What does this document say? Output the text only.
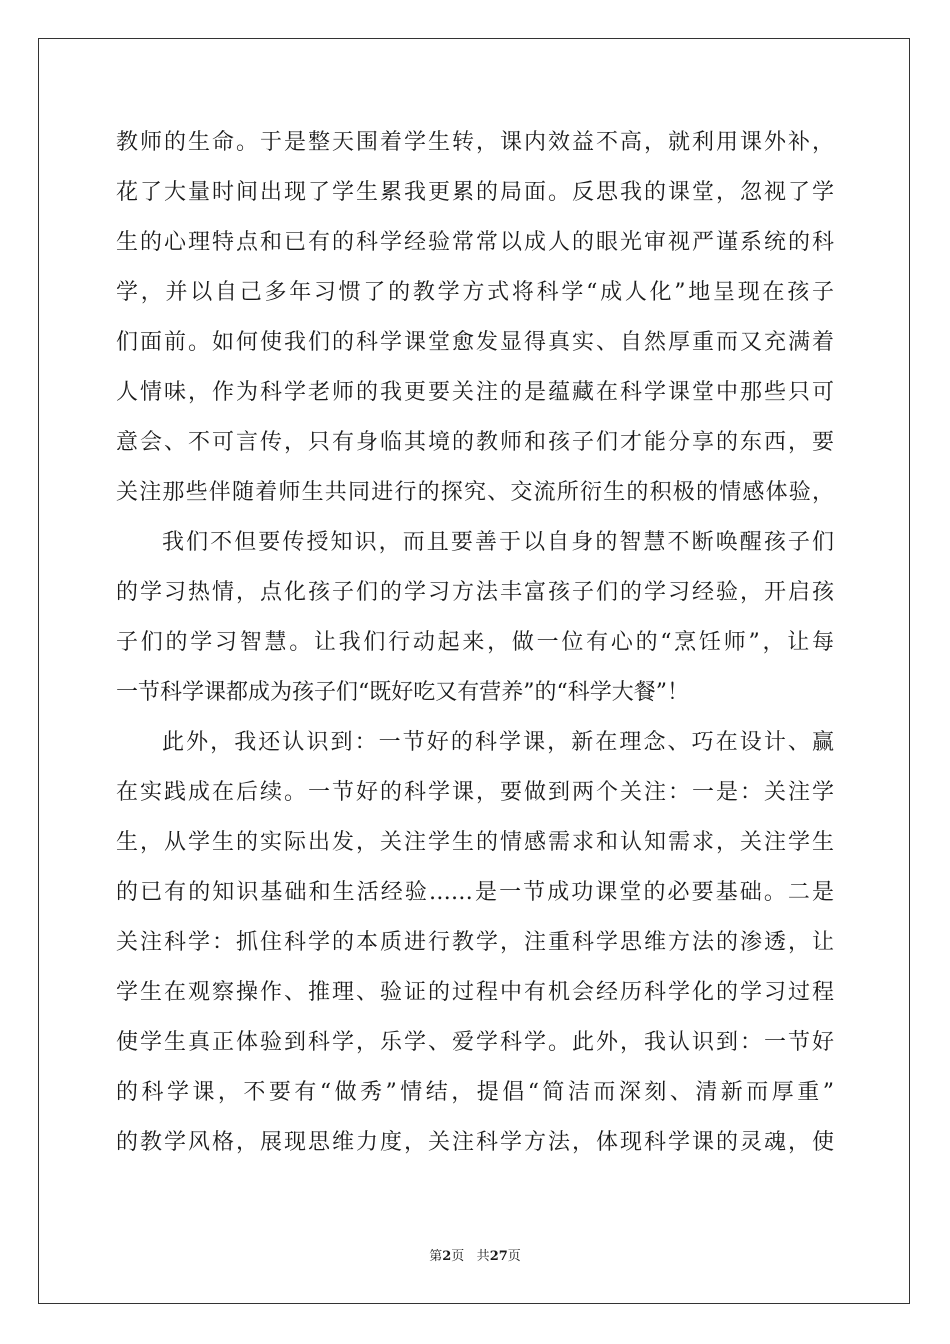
教师的生命。于是整天围着学生转，课内效益不高，就利用课外补，
花了大量时间出现了学生累我更累的局面。反思我的课堂，忽视了学
生的心理特点和已有的科学经验常常以成人的眼光审视严谨系统的科
学，并以自己多年习惯了的教学方式将科学“成人化”地呈现在孩子
们面前。如何使我们的科学课堂愈发显得真实、自然厚重而又充满着
人情味，作为科学老师的我更要关注的是蕴藏在科学课堂中那些只可
意会、不可言传，只有身临其境的教师和孩子们才能分享的东西，要
关注那些伴随着师生共同进行的探究、交流所衍生的积极的情感体验，
我们不但要传授知识，而且要善于以自身的智慧不断唤醒孩子们
的学习热情，点化孩子们的学习方法丰富孩子们的学习经验，开启孩
子们的学习智慧。让我们行动起来，做一位有心的“烹饪师”，让每
一节科学课都成为孩子们“既好吃又有营养”的“科学大餐”！
此外，我还认识到：一节好的科学课，新在理念、巧在设计、赢
在实践成在后续。一节好的科学课，要做到两个关注：一是：关注学
生，从学生的实际出发，关注学生的情感需求和认知需求，关注学生
的已有的知识基础和生活经验……是一节成功课堂的必要基础。二是
关注科学：抓住科学的本质进行教学，注重科学思维方法的渗透，让
学生在观察操作、推理、验证的过程中有机会经历科学化的学习过程
使学生真正体验到科学，乐学、爱学科学。此外，我认识到：一节好
的科学课，不要有“做秀”情结，提倡“简洁而深刻、清新而厚重”
的教学风格，展现思维力度，关注科学方法，体现科学课的灵魂，使
第2页 共27页
